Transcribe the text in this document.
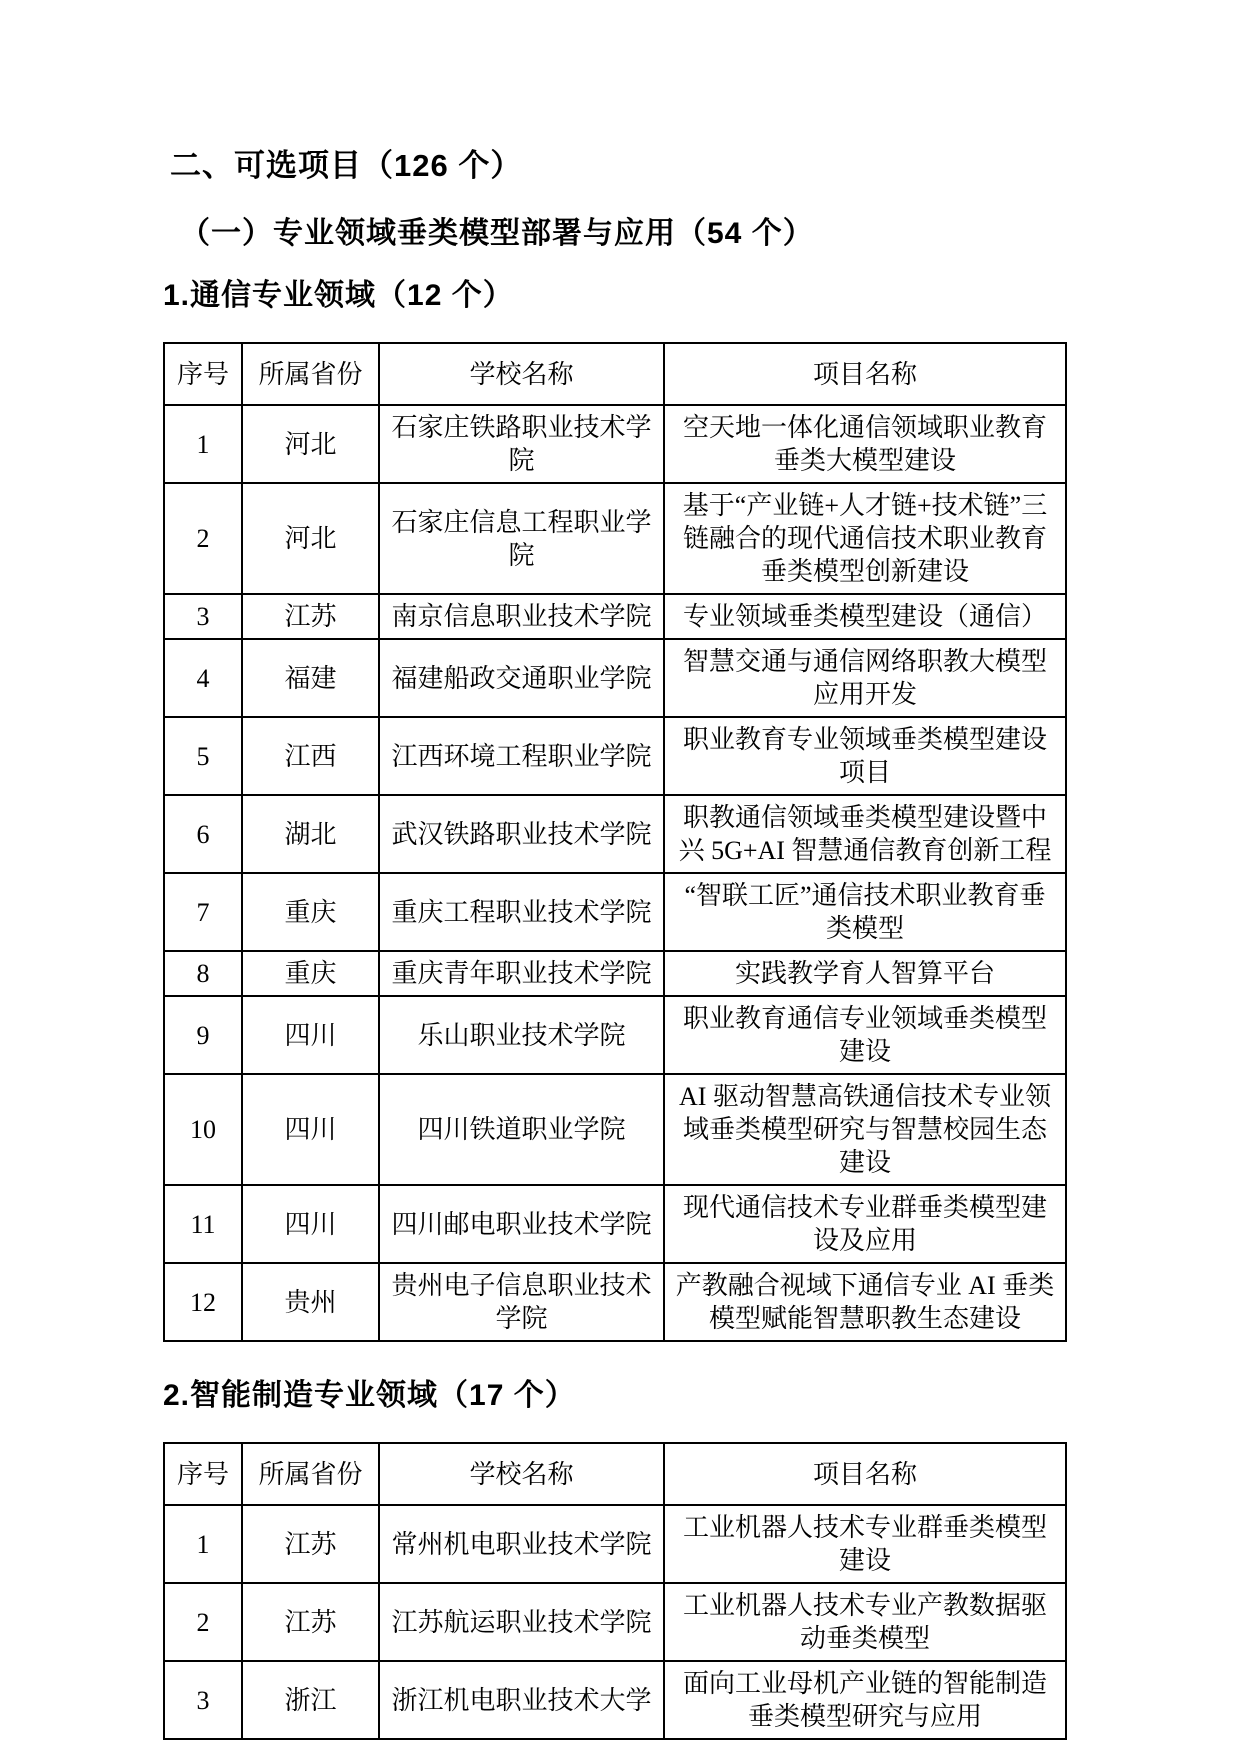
二、可选项目（126 个）
（一）专业领域垂类模型部署与应用（54 个）
1.通信专业领域（12 个）
序号	所属省份	学校名称	项目名称
1	河北	石家庄铁路职业技术学院	空天地一体化通信领域职业教育垂类大模型建设
2	河北	石家庄信息工程职业学院	基于“产业链+人才链+技术链”三链融合的现代通信技术职业教育垂类模型创新建设
3	江苏	南京信息职业技术学院	专业领域垂类模型建设（通信）
4	福建	福建船政交通职业学院	智慧交通与通信网络职教大模型应用开发
5	江西	江西环境工程职业学院	职业教育专业领域垂类模型建设项目
6	湖北	武汉铁路职业技术学院	职教通信领域垂类模型建设暨中兴 5G+AI 智慧通信教育创新工程
7	重庆	重庆工程职业技术学院	“智联工匠”通信技术职业教育垂类模型
8	重庆	重庆青年职业技术学院	实践教学育人智算平台
9	四川	乐山职业技术学院	职业教育通信专业领域垂类模型建设
10	四川	四川铁道职业学院	AI 驱动智慧高铁通信技术专业领域垂类模型研究与智慧校园生态建设
11	四川	四川邮电职业技术学院	现代通信技术专业群垂类模型建设及应用
12	贵州	贵州电子信息职业技术学院	产教融合视域下通信专业 AI 垂类模型赋能智慧职教生态建设
2.智能制造专业领域（17 个）
序号	所属省份	学校名称	项目名称
1	江苏	常州机电职业技术学院	工业机器人技术专业群垂类模型建设
2	江苏	江苏航运职业技术学院	工业机器人技术专业产教数据驱动垂类模型
3	浙江	浙江机电职业技术大学	面向工业母机产业链的智能制造垂类模型研究与应用
